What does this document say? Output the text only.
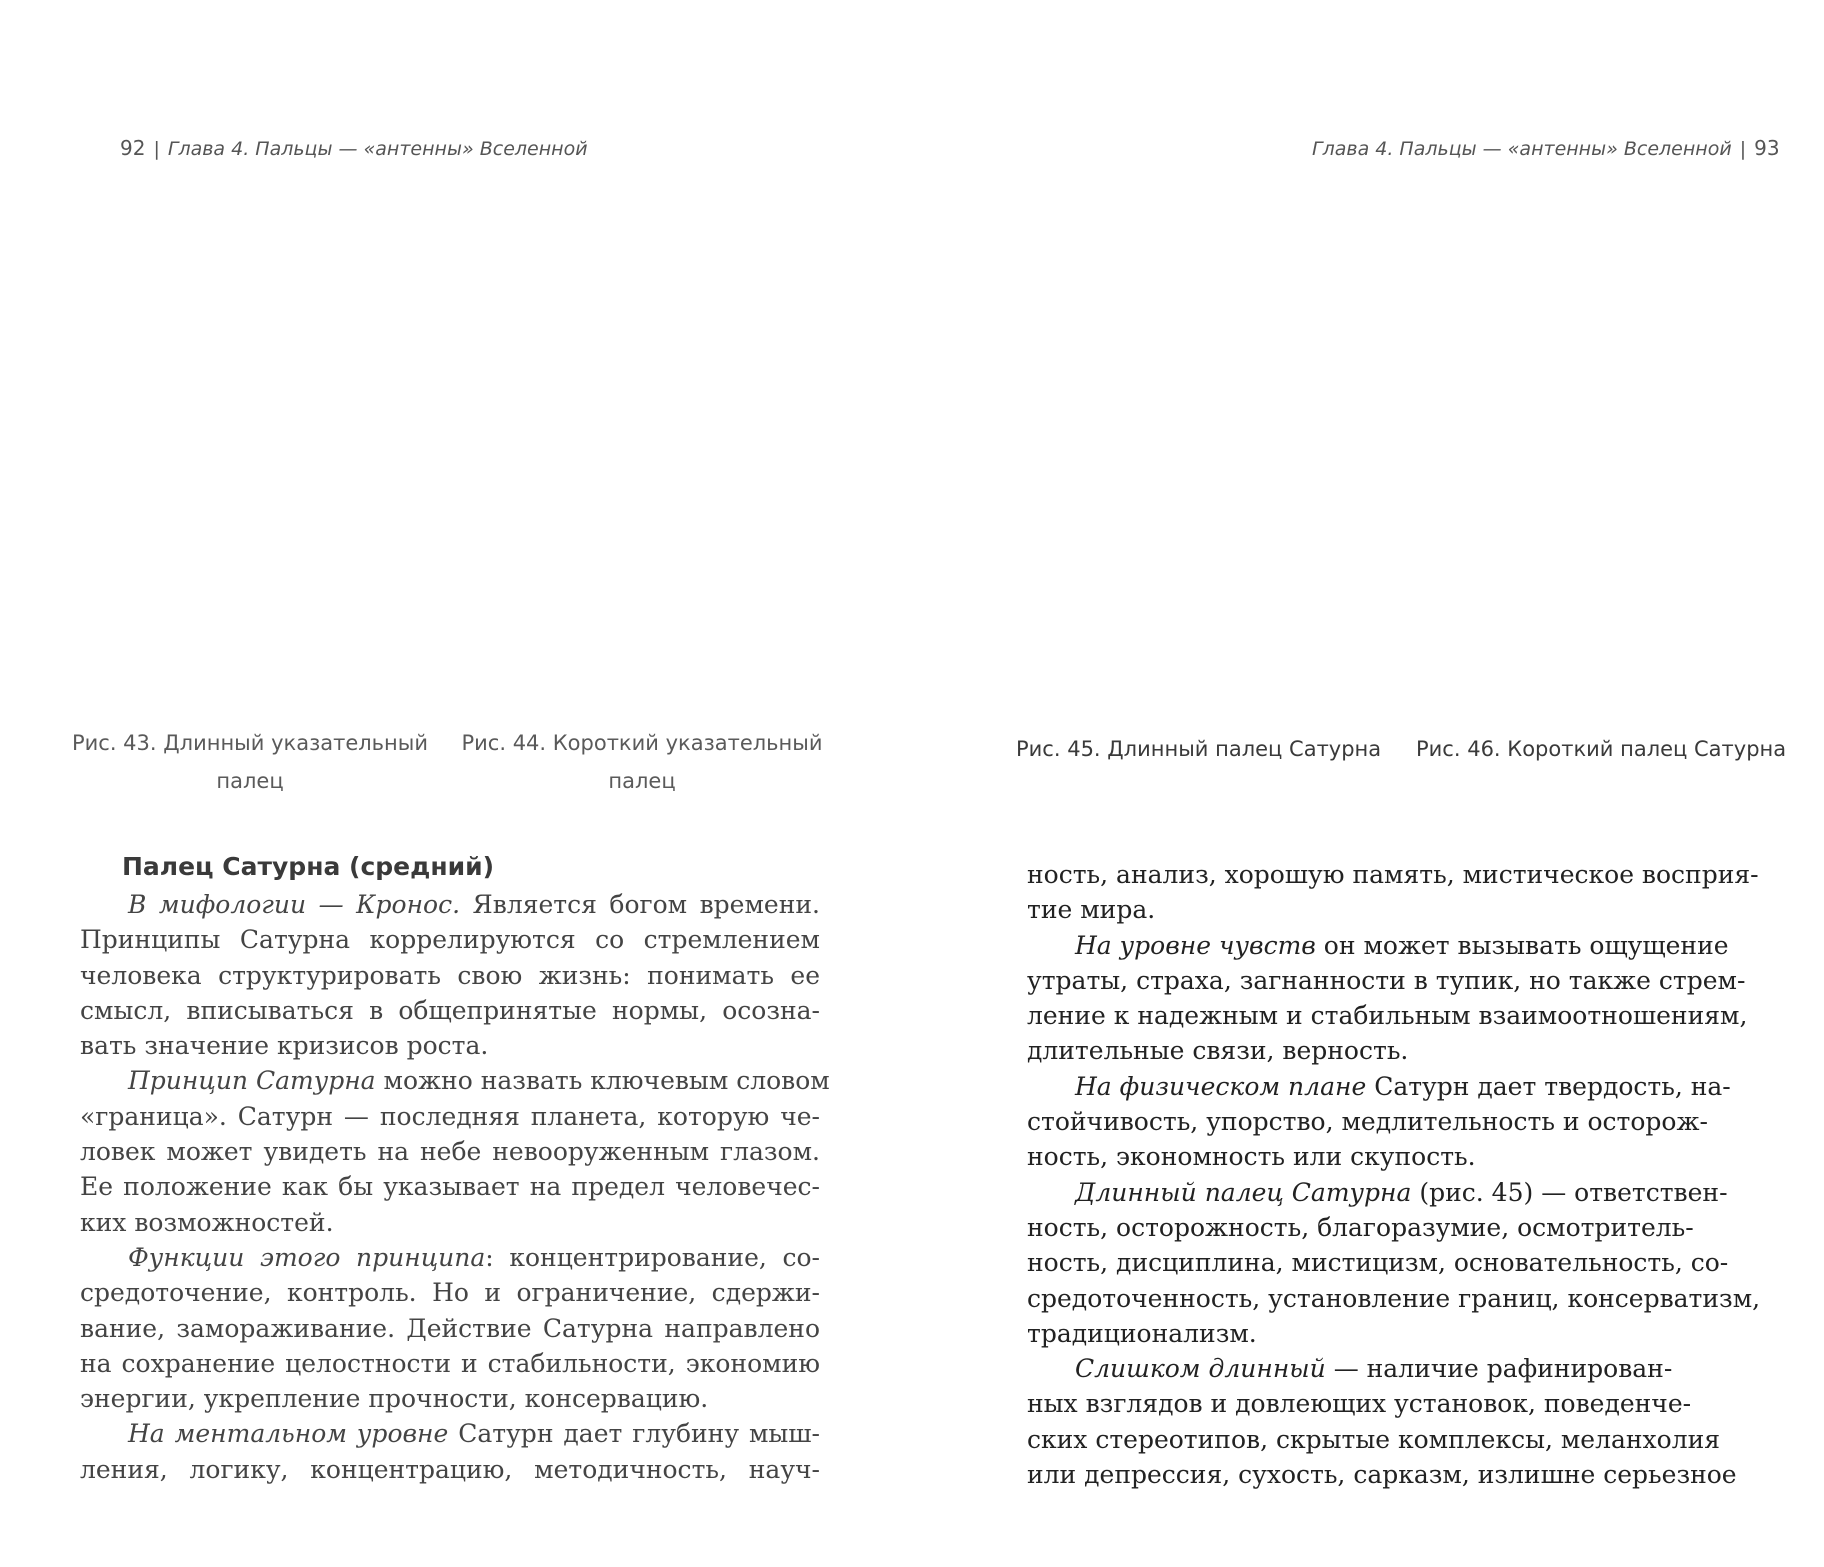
92 | Глава 4. Пальцы — «антенны» Вселенной
Рис. 43. Длинный указательный
палец
Рис. 44. Короткий указательный
палец
Палец Сатурна (средний)
В мифологии — Кронос. Является богом времени.
Принципы Сатурна коррелируются со стремлением
человека структурировать свою жизнь: понимать ее
смысл, вписываться в общепринятые нормы, осозна-
вать значение кризисов роста.
Принцип Сатурна можно назвать ключевым словом
«граница». Сатурн — последняя планета, которую че-
ловек может увидеть на небе невооруженным глазом.
Ее положение как бы указывает на предел человечес-
ких возможностей.
Функции этого принципа: концентрирование, со-
средоточение, контроль. Но и ограничение, сдержи-
вание, замораживание. Действие Сатурна направлено
на сохранение целостности и стабильности, экономию
энергии, укрепление прочности, консервацию.
На ментальном уровне Сатурн дает глубину мыш-
ления, логику, концентрацию, методичность, науч-
Глава 4. Пальцы — «антенны» Вселенной | 93
Рис. 45. Длинный палец Сатурна	Рис. 46. Короткий палец Сатурна
ность, анализ, хорошую память, мистическое восприя-
тие мира.
На уровне чувств он может вызывать ощущение
утраты, страха, загнанности в тупик, но также стрем-
ление к надежным и стабильным взаимоотношениям,
длительные связи, верность.
На физическом плане Сатурн дает твердость, на-
стойчивость, упорство, медлительность и осторож-
ность, экономность или скупость.
Длинный палец Сатурна (рис. 45) — ответствен-
ность, осторожность, благоразумие, осмотритель-
ность, дисциплина, мистицизм, основательность, со-
средоточенность, установление границ, консерватизм,
традиционализм.
Слишком длинный — наличие рафинирован-
ных взглядов и довлеющих установок, поведенче-
ских стереотипов, скрытые комплексы, меланхолия
или депрессия, сухость, сарказм, излишне серьезное
